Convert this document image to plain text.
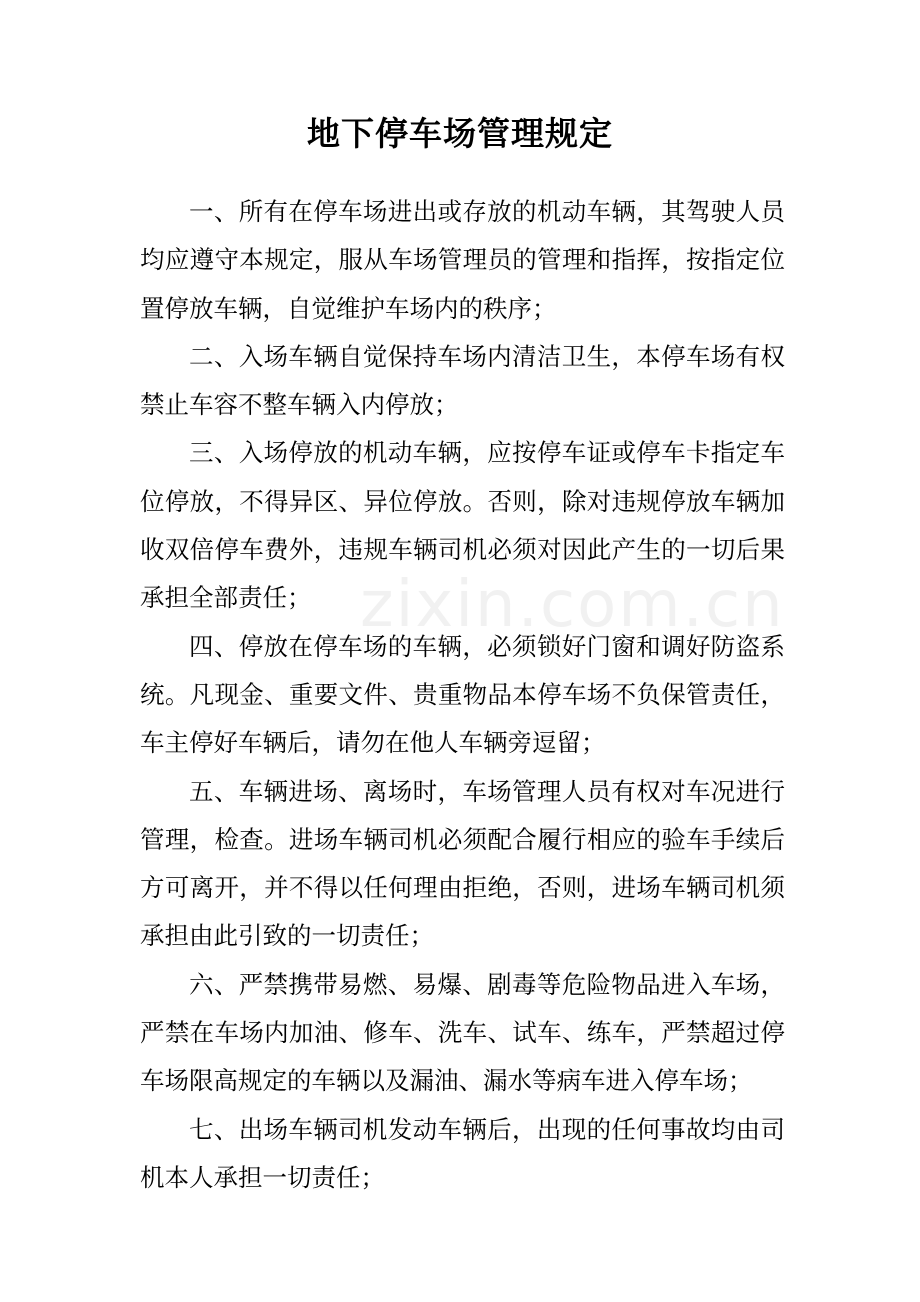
地下停车场管理规定
zixin.com.cn

一、所有在停车场进出或存放的机动车辆，其驾驶人员均应遵守本规定，服从车场管理员的管理和指挥，按指定位置停放车辆，自觉维护车场内的秩序；

二、入场车辆自觉保持车场内清洁卫生，本停车场有权禁止车容不整车辆入内停放；

三、入场停放的机动车辆，应按停车证或停车卡指定车位停放，不得异区、异位停放。否则，除对违规停放车辆加收双倍停车费外，违规车辆司机必须对因此产生的一切后果承担全部责任；

四、停放在停车场的车辆，必须锁好门窗和调好防盗系统。凡现金、重要文件、贵重物品本停车场不负保管责任，车主停好车辆后，请勿在他人车辆旁逗留；

五、车辆进场、离场时，车场管理人员有权对车况进行管理，检查。进场车辆司机必须配合履行相应的验车手续后方可离开，并不得以任何理由拒绝，否则，进场车辆司机须承担由此引致的一切责任；

六、严禁携带易燃、易爆、剧毒等危险物品进入车场，严禁在车场内加油、修车、洗车、试车、练车，严禁超过停车场限高规定的车辆以及漏油、漏水等病车进入停车场；

七、出场车辆司机发动车辆后，出现的任何事故均由司机本人承担一切责任；
